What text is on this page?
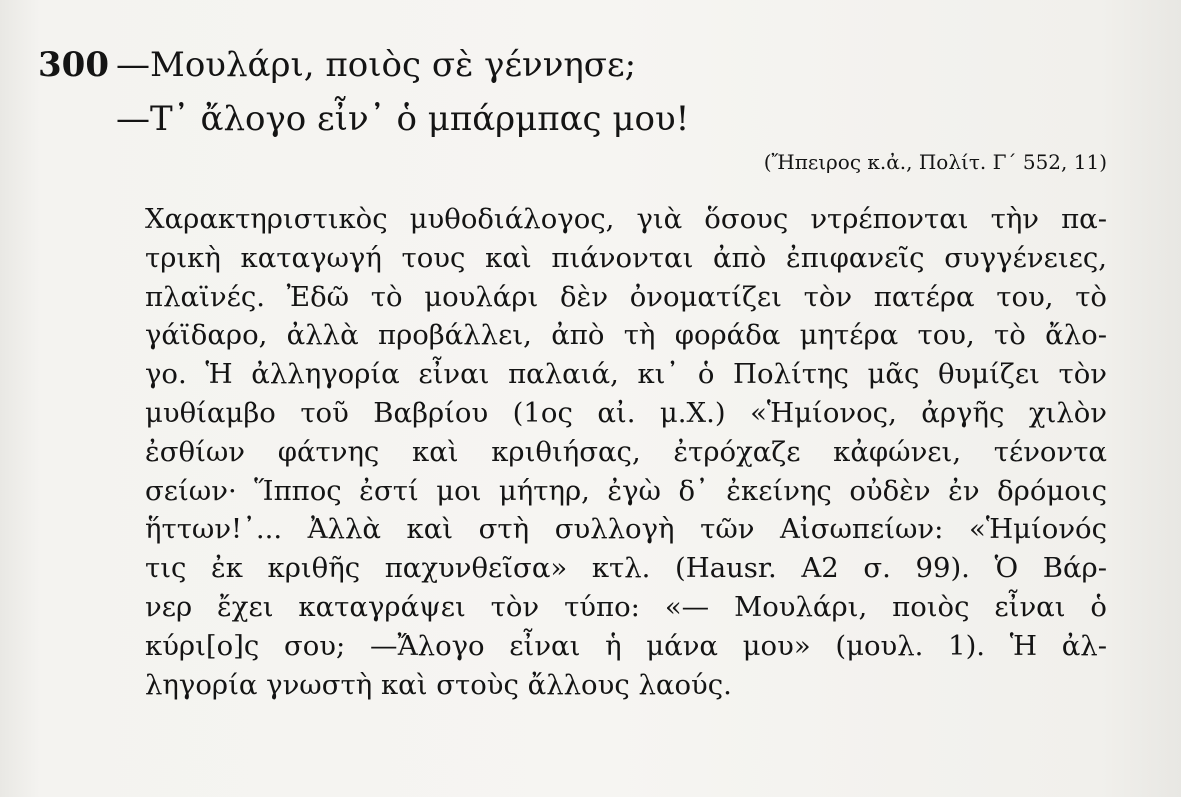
300 —Μουλάρι, ποιὸς σὲ γέννησε;
—Τ᾿ ἄλογο εἶν᾿ ὁ μπάρμπας μου!
(Ἤπειρος κ.ἀ., Πολίτ. Γ΄ 552, 11)
Χαρακτηριστικὸς μυθοδιάλογος, γιὰ ὅσους ντρέπονται τὴν πα-
τρικὴ καταγωγή τους καὶ πιάνονται ἀπὸ ἐπιφανεῖς συγγένειες,
πλαϊνές. Ἐδῶ τὸ μουλάρι δὲν ὀνοματίζει τὸν πατέρα του, τὸ
γάϊδαρο, ἀλλὰ προβάλλει, ἀπὸ τὴ φοράδα μητέρα του, τὸ ἄλο-
γο. Ἡ ἀλληγορία εἶναι παλαιά, κι᾿ ὁ Πολίτης μᾶς θυμίζει τὸν
μυθίαμβο τοῦ Βαβρίου (1ος αἰ. μ.Χ.) «Ἡμίονος, ἀργῆς χιλὸν
ἐσθίων φάτνης καὶ κριθιήσας, ἐτρόχαζε κἀφώνει, τένοντα
σείων· Ἵππος ἐστί μοι μήτηρ, ἐγὼ δ᾿ ἐκείνης οὐδὲν ἐν δρόμοις
ἥττων!᾿... Ἀλλὰ καὶ στὴ συλλογὴ τῶν Αἰσωπείων: «Ἡμίονός
τις ἐκ κριθῆς παχυνθεῖσα» κτλ. (Hausr. A2 σ. 99). Ὁ Βάρ-
νερ ἔχει καταγράψει τὸν τύπο: «— Μουλάρι, ποιὸς εἶναι ὁ
κύρι[ο]ς σου; —Ἄλογο εἶναι ἡ μάνα μου» (μουλ. 1). Ἡ ἀλ-
ληγορία γνωστὴ καὶ στοὺς ἄλλους λαούς.
